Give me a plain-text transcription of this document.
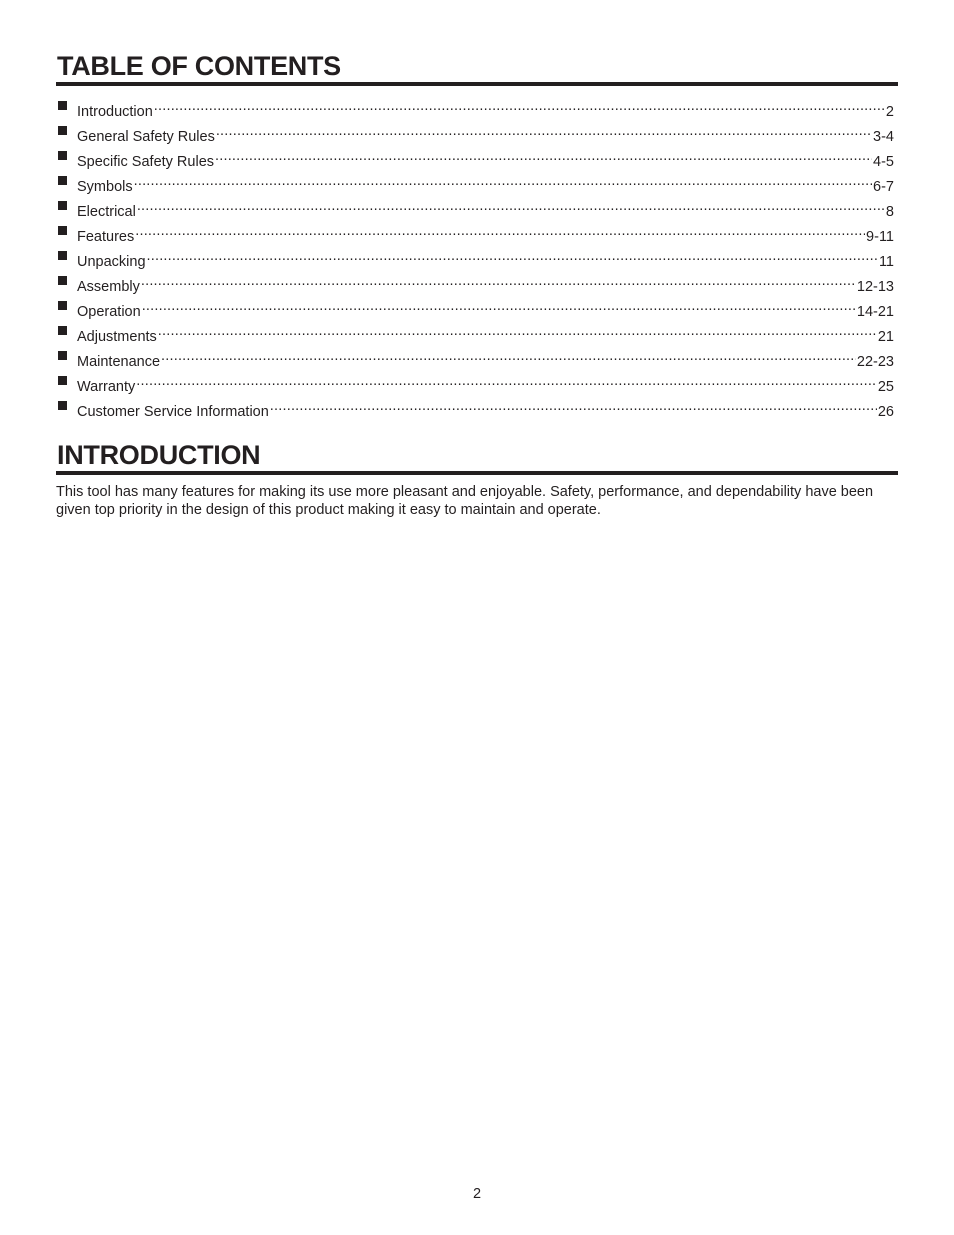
TABLE OF CONTENTS
Introduction .....	2
General Safety Rules .....	3-4
Specific Safety Rules .....	4-5
Symbols .....	6-7
Electrical .....	8
Features .....	9-11
Unpacking .....	11
Assembly .....	12-13
Operation .....	14-21
Adjustments .....	21
Maintenance .....	22-23
Warranty .....	25
Customer Service Information .....	26
INTRODUCTION

This tool has many features for making its use more pleasant and enjoyable. Safety, performance, and dependability have been given top priority in the design of this product making it easy to maintain and operate.

2
